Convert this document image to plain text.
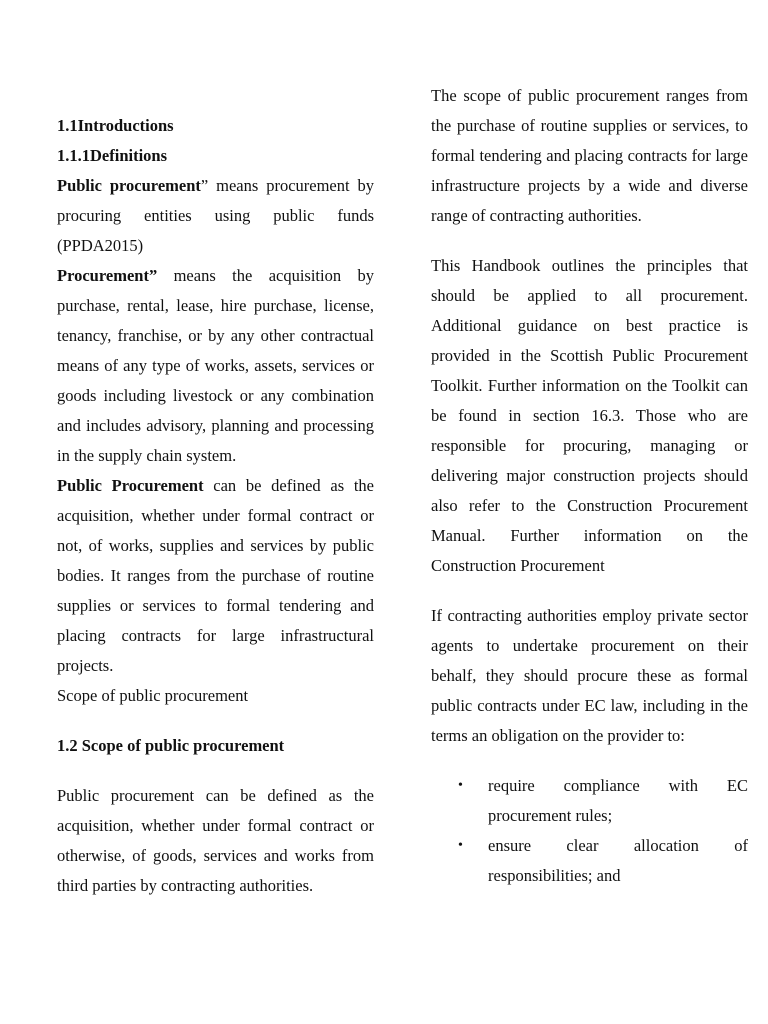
1.1Introductions

1.1.1Definitions

Public procurement” means procurement by procuring entities using public funds (PPDA2015)

Procurement” means the acquisition by purchase, rental, lease, hire purchase, license, tenancy, franchise, or by any other contractual means of any type of works, assets, services or goods including livestock or any combination and includes advisory, planning and processing in the supply chain system.

Public Procurement can be defined as the acquisition, whether under formal contract or not, of works, supplies and services by public bodies. It ranges from the purchase of routine supplies or services to formal tendering and placing contracts for large infrastructural projects.

Scope of public procurement

1.2 Scope of public procurement

Public procurement can be defined as the acquisition, whether under formal contract or otherwise, of goods, services and works from third parties by contracting authorities.

The scope of public procurement ranges from the purchase of routine supplies or services, to formal tendering and placing contracts for large infrastructure projects by a wide and diverse range of contracting authorities.

This Handbook outlines the principles that should be applied to all procurement. Additional guidance on best practice is provided in the Scottish Public Procurement Toolkit. Further information on the Toolkit can be found in section 16.3. Those who are responsible for procuring, managing or delivering major construction projects should also refer to the Construction Procurement Manual. Further information on the Construction Procurement

If contracting authorities employ private sector agents to undertake procurement on their behalf, they should procure these as formal public contracts under EC law, including in the terms an obligation on the provider to:

• require compliance with EC procurement rules;
• ensure clear allocation of responsibilities; and
